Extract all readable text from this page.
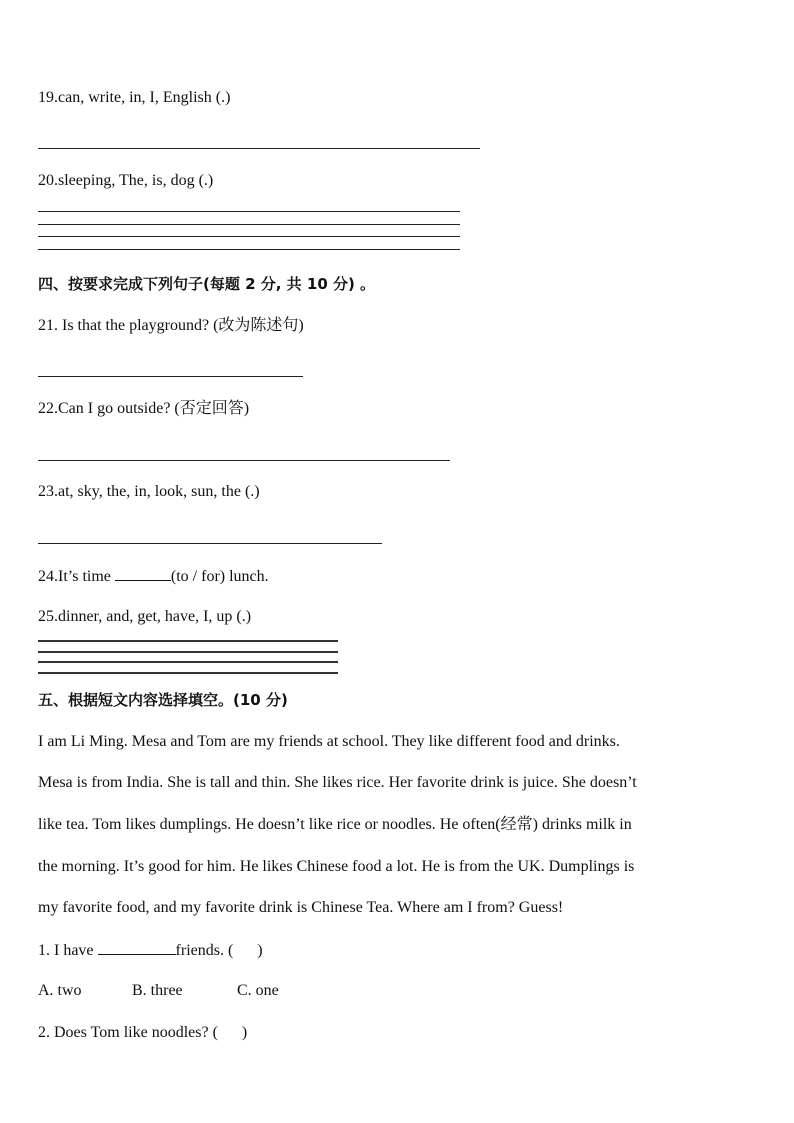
19.can, write, in, I, English (.)
20.sleeping, The, is, dog (.)
四、按要求完成下列句子(每题 2 分, 共 10 分) 。
21. Is that the playground? (改为陈述句)
22.Can I go outside? (否定回答)
23.at, sky, the, in, look, sun, the (.)
24.It’s time	(to / for) lunch.
25.dinner, and, get, have, I, up (.)
五、根据短文内容选择填空。(10 分)
I am Li Ming. Mesa and Tom are my friends at school. They like different food and drinks.
Mesa is from India. She is tall and thin. She likes rice. Her favorite drink is juice. She doesn’t
like tea. Tom likes dumplings. He doesn’t like rice or noodles. He often(经常) drinks milk in
the morning. It’s good for him. He likes Chinese food a lot. He is from the UK. Dumplings is
my favorite food, and my favorite drink is Chinese Tea. Where am I from? Guess!
1. I have	friends. ( )
A. two	B. three	C. one
2. Does Tom like noodles? ( )
